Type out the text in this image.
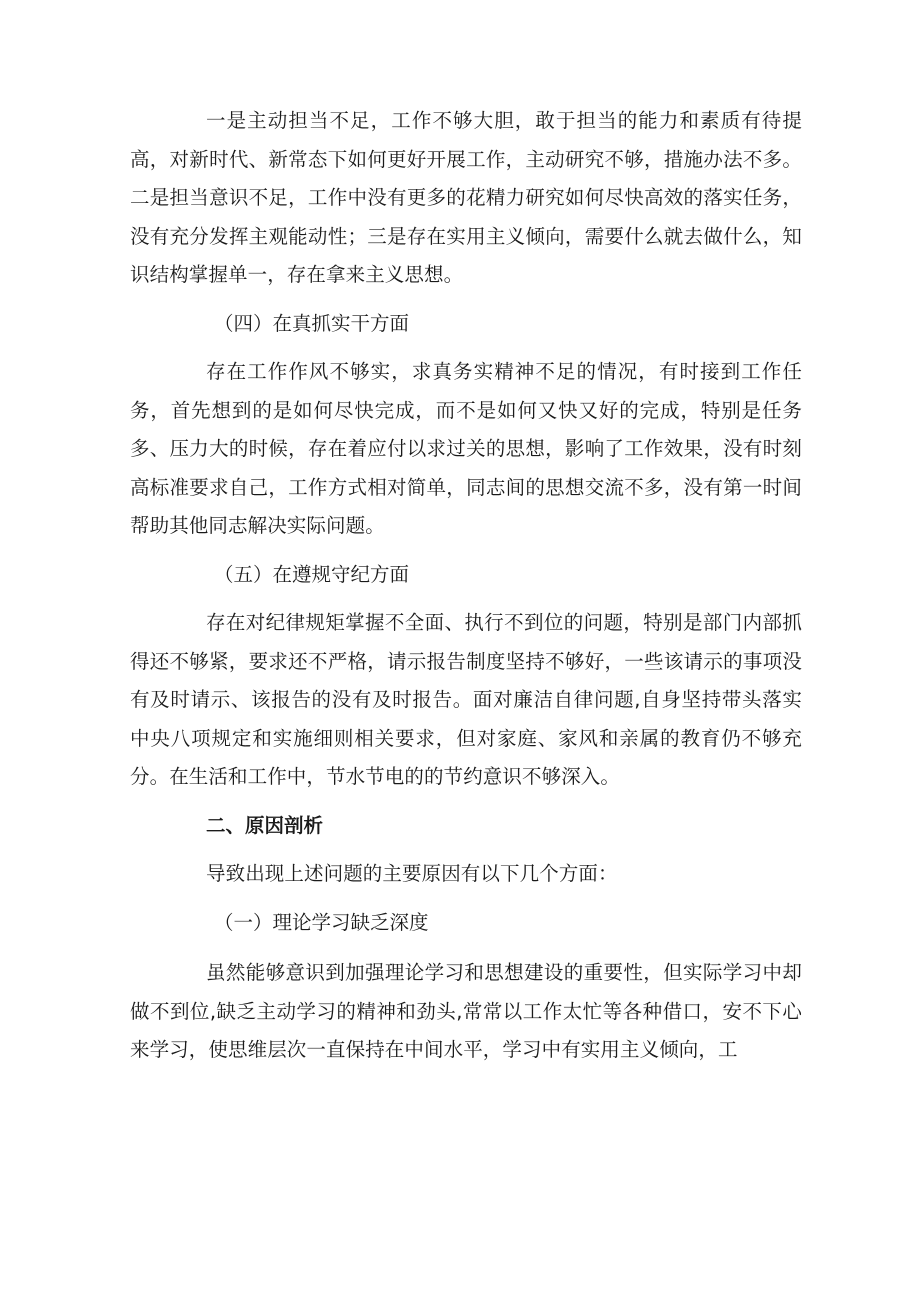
一是主动担当不足，工作不够大胆，敢于担当的能力和素质有待提高，对新时代、新常态下如何更好开展工作，主动研究不够，措施办法不多。二是担当意识不足，工作中没有更多的花精力研究如何尽快高效的落实任务，没有充分发挥主观能动性；三是存在实用主义倾向，需要什么就去做什么，知识结构掌握单一，存在拿来主义思想。

（四）在真抓实干方面

存在工作作风不够实，求真务实精神不足的情况，有时接到工作任务，首先想到的是如何尽快完成，而不是如何又快又好的完成，特别是任务多、压力大的时候，存在着应付以求过关的思想，影响了工作效果，没有时刻高标准要求自己，工作方式相对简单，同志间的思想交流不多，没有第一时间帮助其他同志解决实际问题。

（五）在遵规守纪方面

存在对纪律规矩掌握不全面、执行不到位的问题，特别是部门内部抓得还不够紧，要求还不严格，请示报告制度坚持不够好，一些该请示的事项没有及时请示、该报告的没有及时报告。面对廉洁自律问题,自身坚持带头落实中央八项规定和实施细则相关要求，但对家庭、家风和亲属的教育仍不够充分。在生活和工作中，节水节电的的节约意识不够深入。

二、原因剖析

导致出现上述问题的主要原因有以下几个方面：

（一）理论学习缺乏深度

虽然能够意识到加强理论学习和思想建设的重要性，但实际学习中却做不到位,缺乏主动学习的精神和劲头,常常以工作太忙等各种借口，安不下心来学习，使思维层次一直保持在中间水平，学习中有实用主义倾向，工
